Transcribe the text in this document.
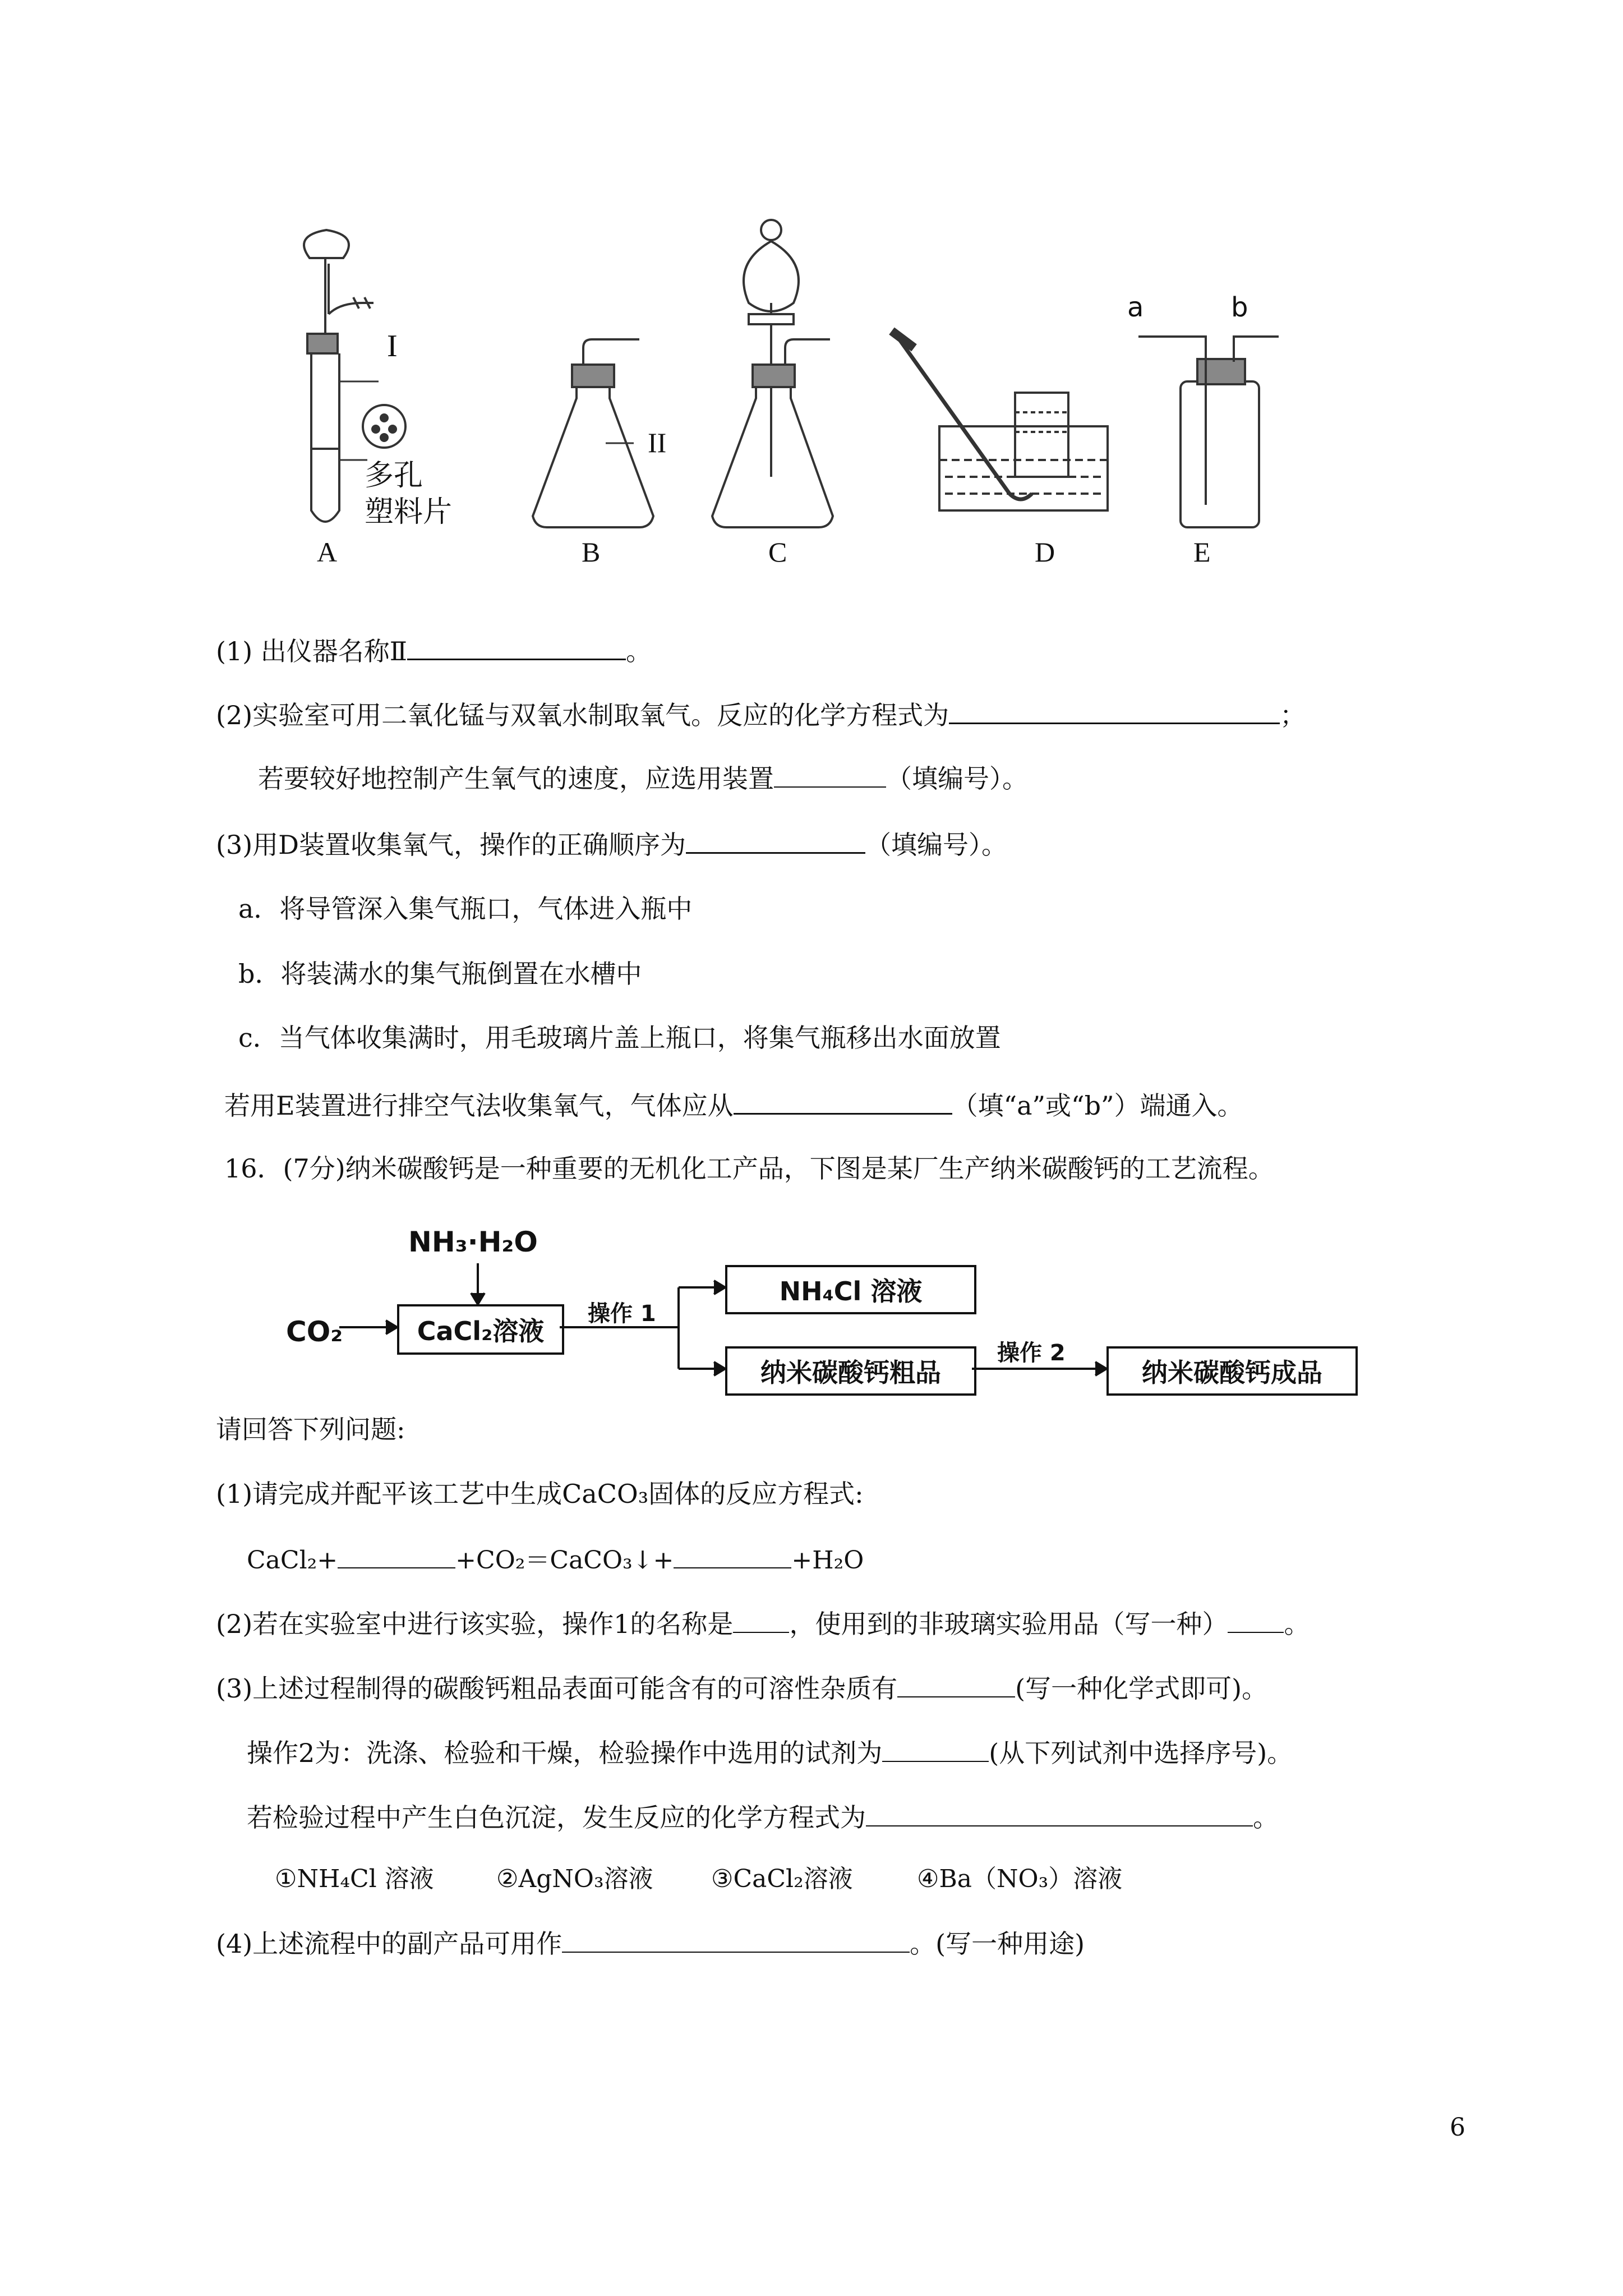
A	B	C	D	E
I
II
多孔
塑料片
a	b
(1) 出仪器名称Ⅱ	。
(2)实验室可用二氧化锰与双氧水制取氧气。反应的化学方程式为	；
若要较好地控制产生氧气的速度，应选用装置	（填编号）。
(3)用D装置收集氧气，操作的正确顺序为	（填编号）。
a．将导管深入集气瓶口，气体进入瓶中
b．将装满水的集气瓶倒置在水槽中
c．当气体收集满时，用毛玻璃片盖上瓶口，将集气瓶移出水面放置
若用E装置进行排空气法收集氧气，气体应从	（填“a”或“b”）端通入。
16．(7分)纳米碳酸钙是一种重要的无机化工产品，下图是某厂生产纳米碳酸钙的工艺流程。
NH₃·H₂O
CO₂	CaCl₂溶液
操作 1
NH₄Cl 溶液
纳米碳酸钙粗品
操作 2
纳米碳酸钙成品
请回答下列问题:
(1)请完成并配平该工艺中生成CaCO₃固体的反应方程式:
CaCl₂+	+CO₂＝CaCO₃↓+	+H₂O
(2)若在实验室中进行该实验，操作1的名称是 ，使用到的非玻璃实验用品（写一种） 。
(3)上述过程制得的碳酸钙粗品表面可能含有的可溶性杂质有	(写一种化学式即可)。
操作2为：洗涤、检验和干燥，检验操作中选用的试剂为	(从下列试剂中选择序号)。
若检验过程中产生白色沉淀，发生反应的化学方程式为	。
①NH₄Cl 溶液	②AgNO₃溶液 ③CaCl₂溶液	④Ba（NO₃）溶液
(4)上述流程中的副产品可用作	。(写一种用途)
6
